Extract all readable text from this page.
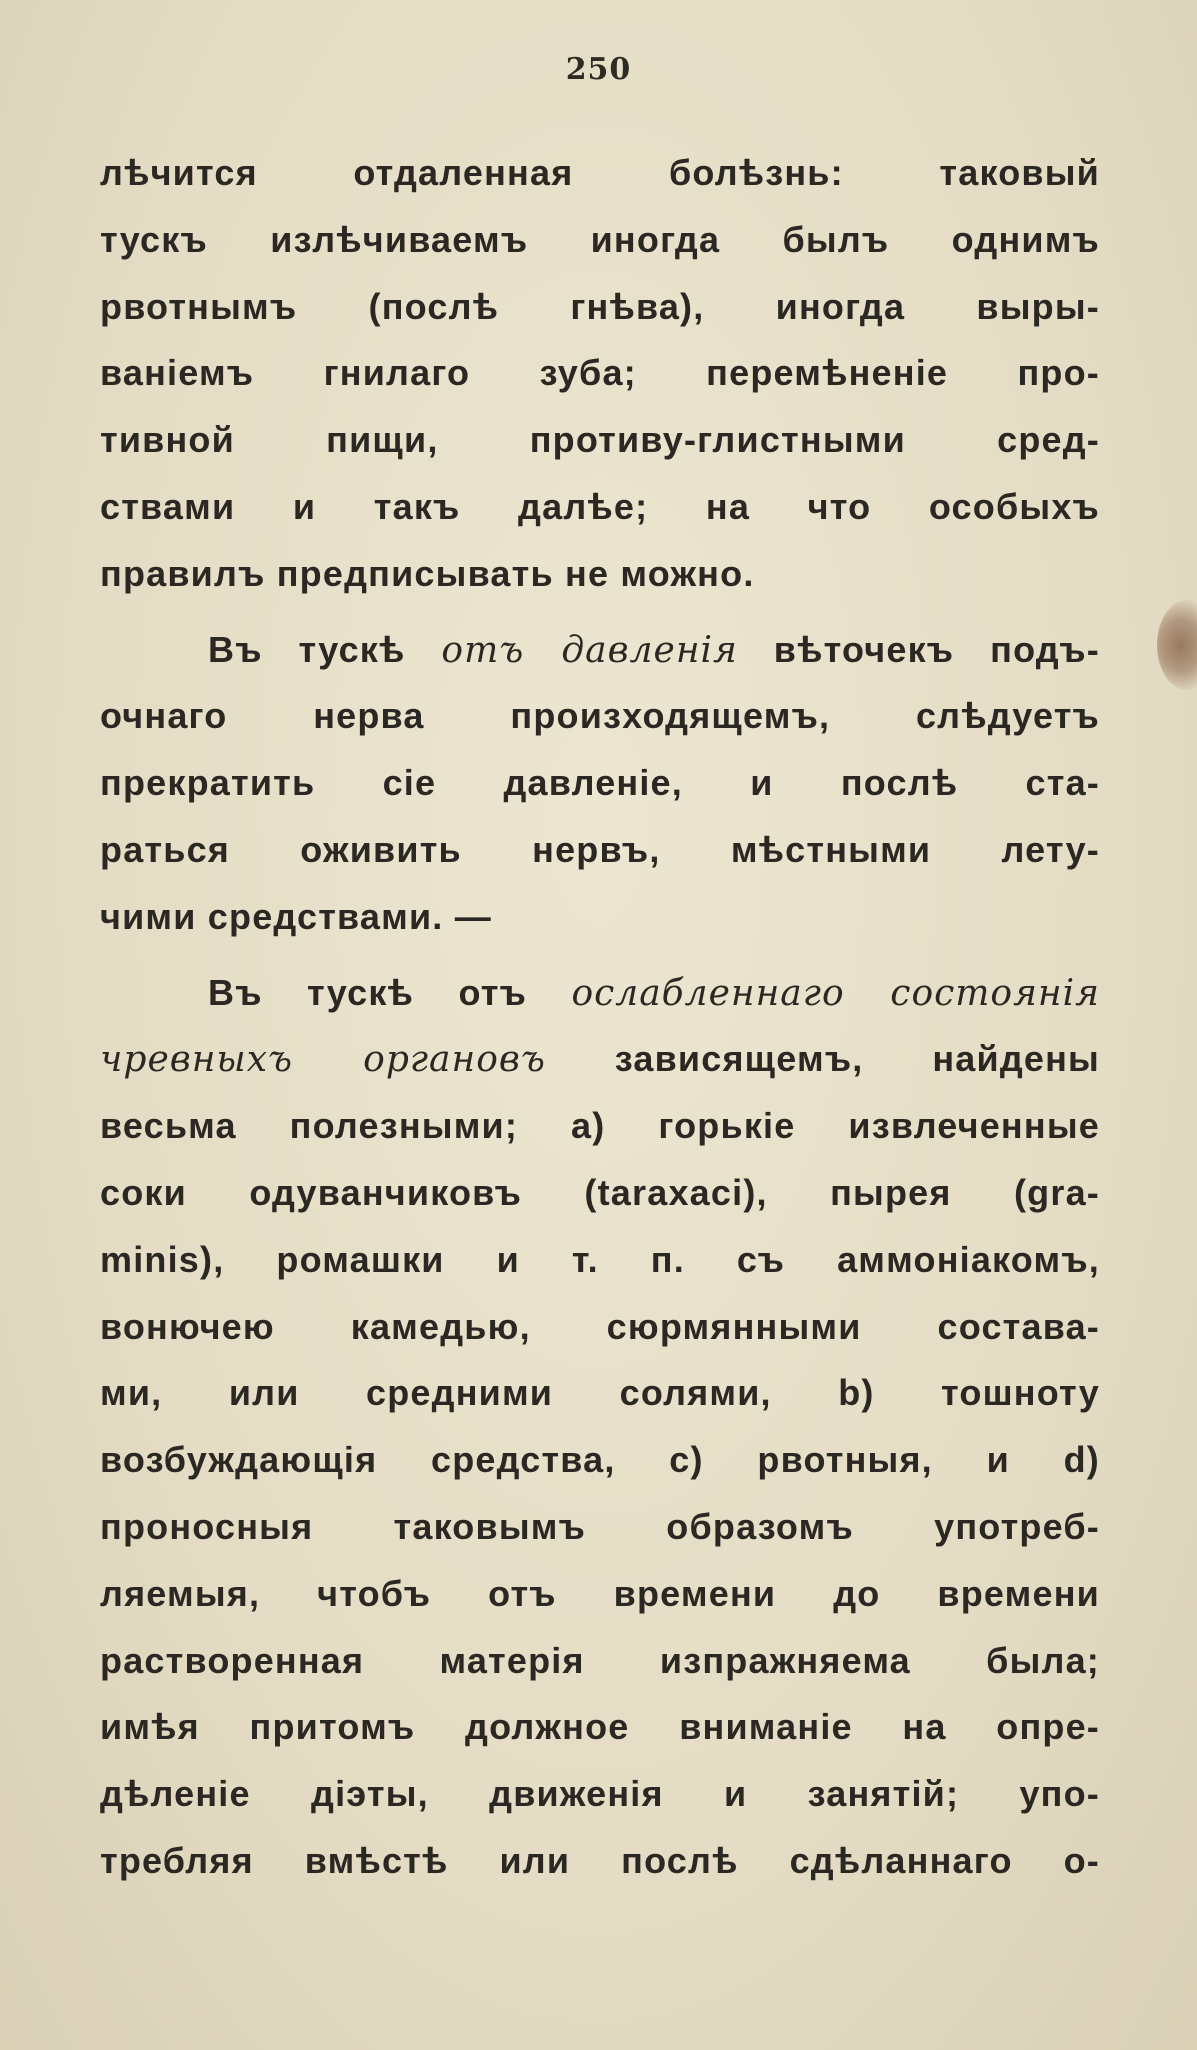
250
лѣчится отдаленная болѣзнь: таковый
тускъ излѣчиваемъ иногда былъ однимъ
рвотнымъ (послѣ гнѣва), иногда выры-
ваніемъ гнилаго зуба; перемѣненіе про-
тивной пищи, противу-глистными сред-
ствами и такъ далѣе; на что особыхъ
правилъ предписывать не можно.
Въ тускѣ отъ давленія вѣточекъ подъ-
очнаго нерва произходящемъ, слѣдуетъ
прекратить сіе давленіе, и послѣ ста-
раться оживить нервъ, мѣстными лету-
чими средствами. —
Въ тускѣ отъ ослабленнаго состоянія
чревныхъ органовъ зависящемъ, найдены
весьма полезными; a) горькіе извлеченные
соки одуванчиковъ (taraxaci), пырея (gra-
minis), ромашки и т. п. съ аммоніакомъ,
вонючею камедью, сюрмянными состава-
ми, или средними солями, b) тошноту
возбуждающія средства, c) рвотныя, и d)
проносныя таковымъ образомъ употреб-
ляемыя, чтобъ отъ времени до времени
растворенная матерія изпражняема была;
имѣя притомъ должное вниманіе на опре-
дѣленіе діэты, движенія и занятій; упо-
требляя вмѣстѣ или послѣ сдѣланнаго о-
